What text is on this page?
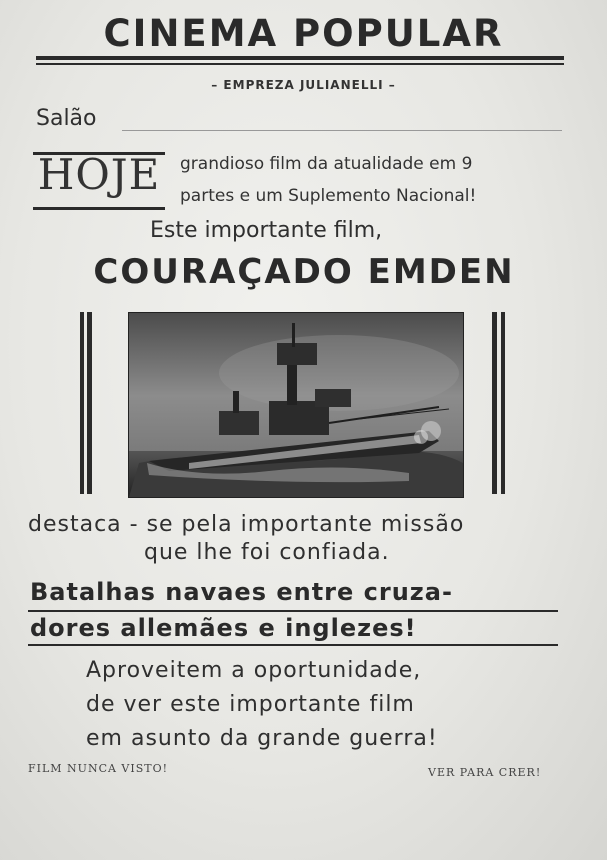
CINEMA POPULAR
– EMPREZA JULIANELLI –
Salão
HOJE grandioso film da atualidade em 9
partes e um Suplemento Nacional!
Este importante film,
COURAÇADO EMDEN
destaca - se pela importante missão
que lhe foi confiada.
Batalhas navaes entre cruza-
dores allemães e inglezes!
Aproveitem a oportunidade,
de ver este importante film
em asunto da grande guerra!
FILM NUNCA VISTO!	VER PARA CRER!
